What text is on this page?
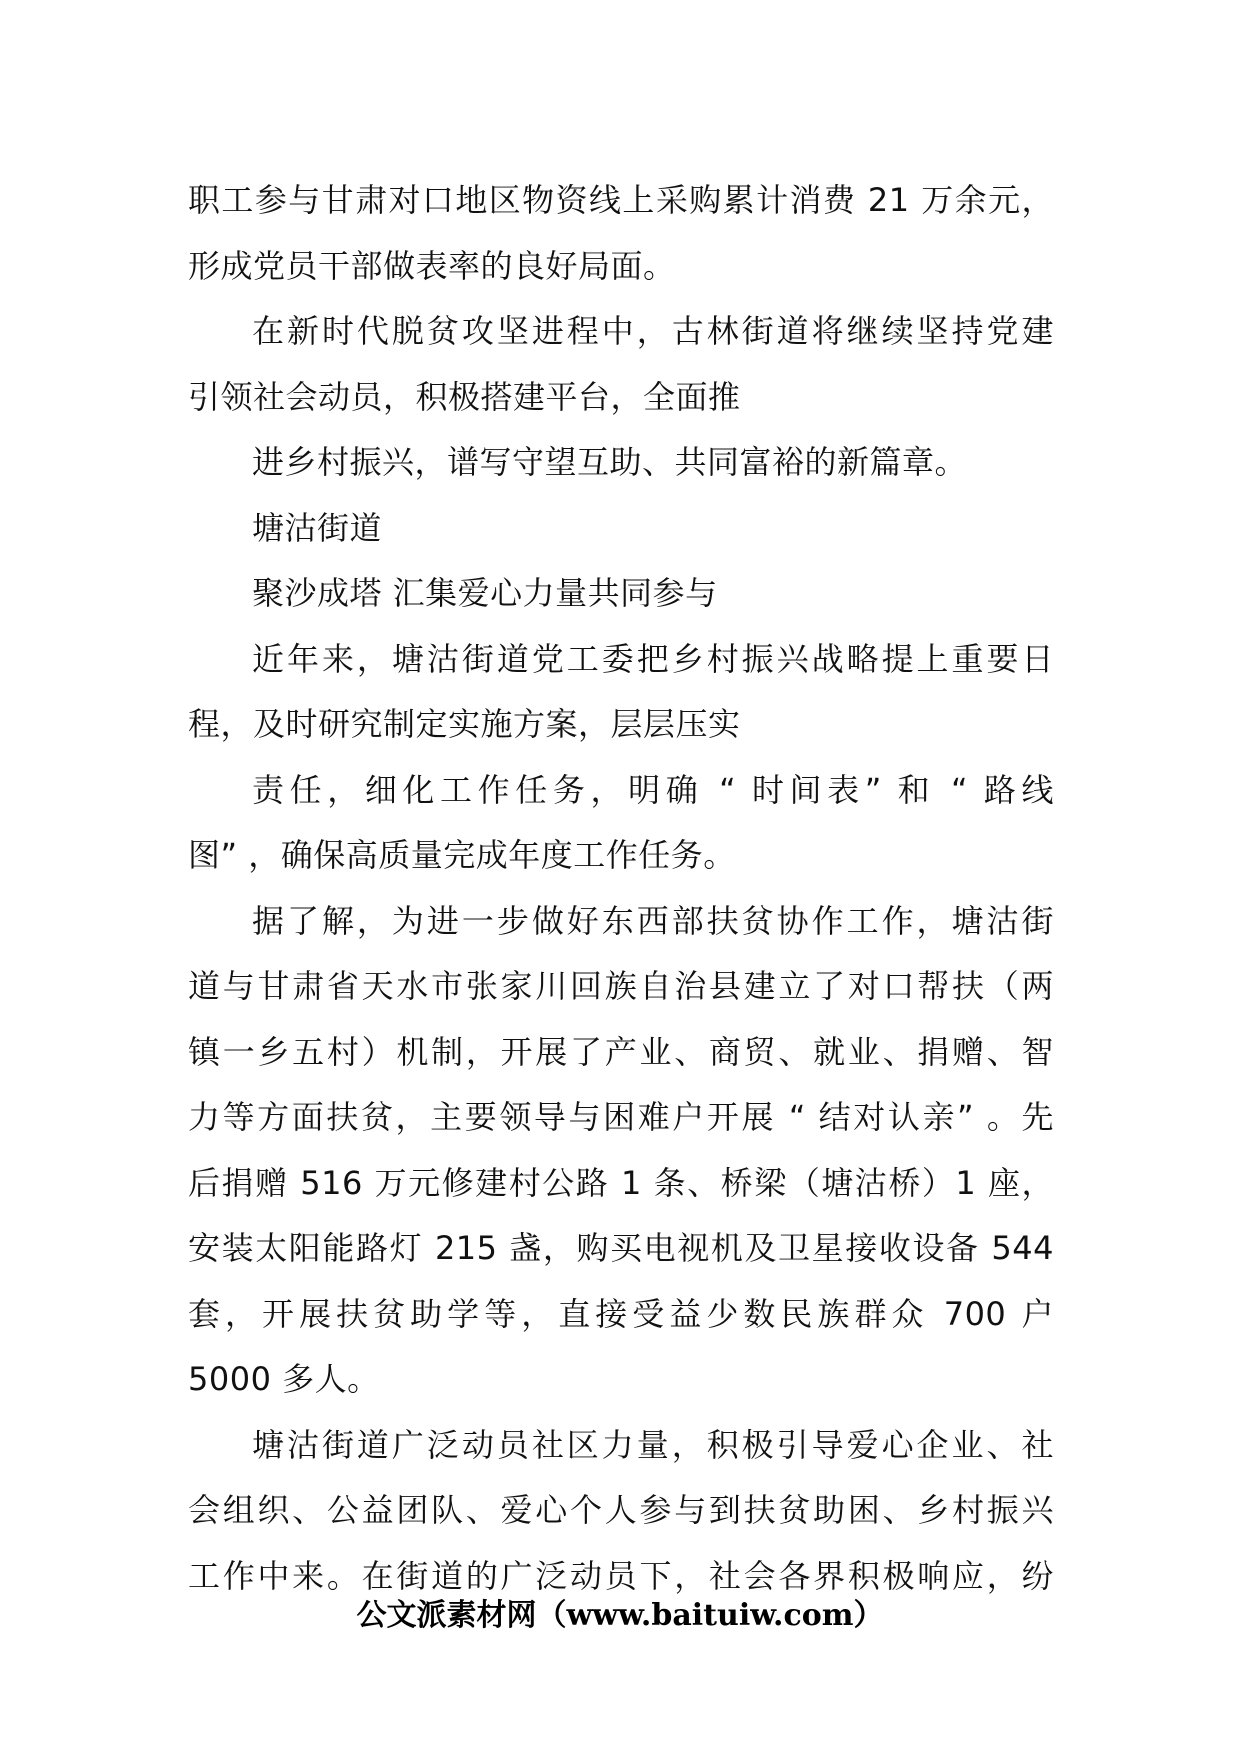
职工参与甘肃对口地区物资线上采购累计消费 21 万余元，
形成党员干部做表率的良好局面。
在新时代脱贫攻坚进程中，古林街道将继续坚持党建
引领社会动员，积极搭建平台，全面推
进乡村振兴，谱写守望互助、共同富裕的新篇章。
塘沽街道
聚沙成塔 汇集爱心力量共同参与
近年来，塘沽街道党工委把乡村振兴战略提上重要日
程，及时研究制定实施方案，层层压实
责任，细化工作任务，明确 “ 时间表” 和 “ 路线
图” ，确保高质量完成年度工作任务。
据了解，为进一步做好东西部扶贫协作工作，塘沽街
道与甘肃省天水市张家川回族自治县建立了对口帮扶（两
镇一乡五村）机制，开展了产业、商贸、就业、捐赠、智
力等方面扶贫，主要领导与困难户开展 “ 结对认亲” 。先
后捐赠 516 万元修建村公路 1 条、桥梁（塘沽桥）1 座，
安装太阳能路灯 215 盏，购买电视机及卫星接收设备 544
套，开展扶贫助学等，直接受益少数民族群众 700 户
5000 多人。
塘沽街道广泛动员社区力量，积极引导爱心企业、社
会组织、公益团队、爱心个人参与到扶贫助困、乡村振兴
工作中来。在街道的广泛动员下，社会各界积极响应，纷
公文派素材网（www.baituiw.com）
